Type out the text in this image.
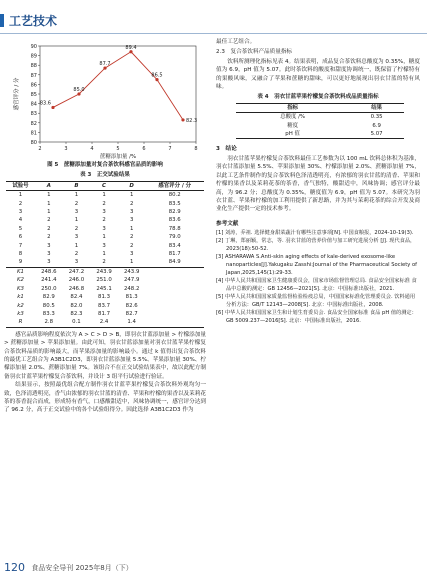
工艺技术
80
81
82
83
84
85
86
87
88
89
90
2	3	4	5	6	7	8
蔗糖添加量 /%
感官评分 / 分	83.6
85.0
87.7
89.4
86.5
82.3
图 5　蔗糖添加量对复合茶饮料感官品质的影响
表 3　正交试验结果
试验号	A	B	C	D	感官评分 / 分
1	1	1	1	1	80.2
2	1	2	2	2	83.5
3	1	3	3	3	82.9
4	2	1	2	3	83.6
5	2	2	3	1	78.8
6	2	3	1	2	79.0
7	3	1	3	2	83.4
8	3	2	1	3	81.7
9	3	3	2	1	84.9
K1	248.6	247.2	243.9	243.9	
K2	241.4	246.0	251.0	247.9	
K3	250.0	246.8	245.1	248.2	
k1	82.9	82.4	81.3	81.3	
k2	80.5	82.0	83.7	82.6	
k3	83.3	82.3	81.7	82.7	
R	2.8	0.1	2.4	1.4	

感官品质影响程度依次为 A > C > D > B，即羽衣甘蓝添加量 > 柠檬添加量 > 蔗糖添加量 > 苹果添加量。由此可知，羽衣甘蓝添加量对羽衣甘蓝苹果柠檬复合茶饮料品质的影响最大，而苹果添加量的影响最小。通过 k 值得出复合茶饮料的最优工艺组合为 A3B1C2D3，即羽衣甘蓝添加量 5.5%、苹果添加量 30%、柠檬添加量 2.0%、蔗糖添加量 7%。该组合不在正交试验结果表中，故以此配方制备羽衣甘蓝苹果柠檬复合茶饮料，并设计 3 组平行试验进行验证。

结果显示，按照最优组合配方制作羽衣甘蓝苹果柠檬复合茶饮料外观均匀一致，色泽清透明亮，香气由浓郁的羽衣甘蓝的清香、苹果和柠檬的果香以及茉莉花茶的茶香混合而成，形成特有香气，口感酸甜适中，风味协调统一，感官评分达到了 96.2 分，高于正交试验中的各个试验组得分。因此选择 A3B1C2D3 作为

最佳工艺组合。

2.3　复合茶饮料产品质量指标

饮料所测理化指标见表 4。结果表明，成品复合茶饮料总酸度为 0.35%，糖度值为 6.9，pH 值为 5.07。此时茶饮料的酸度和甜度协调统一，既保留了柠檬特有的果酸风味，又融合了苹果和蔗糖的甜味，可以更好地展现出羽衣甘蓝的特有风味。

表 4　羽衣甘蓝苹果柠檬复合茶饮料成品质量指标
指标	结果
总酸度 /%	0.35
糖度	6.9
pH 值	5.07
3　结论

羽衣甘蓝苹果柠檬复合茶饮料最佳工艺参数为以 100 mL 饮料总体积为基准，羽衣甘蓝添加量 5.5%、苹果添加量 30%、柠檬添加量 2.0%、蔗糖添加量 7%，以此工艺条件制作的复合茶饮料色泽清透明亮，有浓郁的羽衣甘蓝的清香、苹果和柠檬的果香以及茉莉花茶的茶香，香气独特，酸甜适中，风味协调；感官评分最高，为 96.2 分；总酸度为 0.35%，糖度值为 6.9，pH 值为 5.07。本研究为羽衣甘蓝、苹果和柠檬的加工利用提供了新思路，并为其与茉莉花茶的综合开发及商业化生产提供一定的技术参考。

参考文献

[1] 刘涛，乔祖. 选择健身甜菜蔬汁有哪些注意事项[N]. 中国食粮报，2024-10-19(3).

[2] 丁琳，郑丽颖，常志，等. 羽衣甘蓝的营养价值与加工研究进展分析 [J]. 现代食品，2023(18):50-52.

[3] ASHARAWA S.Anti-skin aging effects of kale-derived exosome-like nanoparticles[J].Yakugaku Zasshi:Journal of the Pharmaceutical Society of Japan,2025,145(1):29-33.

[4] 中华人民共和国国家卫生健康委员会，国家市场监督管理总局. 食品安全国家标准 食品中总酸的测定：GB 12456—2021[S]. 北京：中国标准出版社，2021.

[5] 中华人民共和国国家质量监督检验检疫总局，中国国家标准化管理委员会. 饮料通用分析方法：GB/T 12143—2008[S]. 北京：中国标准出版社，2008.

[6] 中华人民共和国国家卫生和计划生育委员会. 食品安全国家标准 食品 pH 值的测定：GB 5009.237—2016[S]. 北京：中国标准出版社，2016.

120 食品安全导刊 2025年8月（下）
